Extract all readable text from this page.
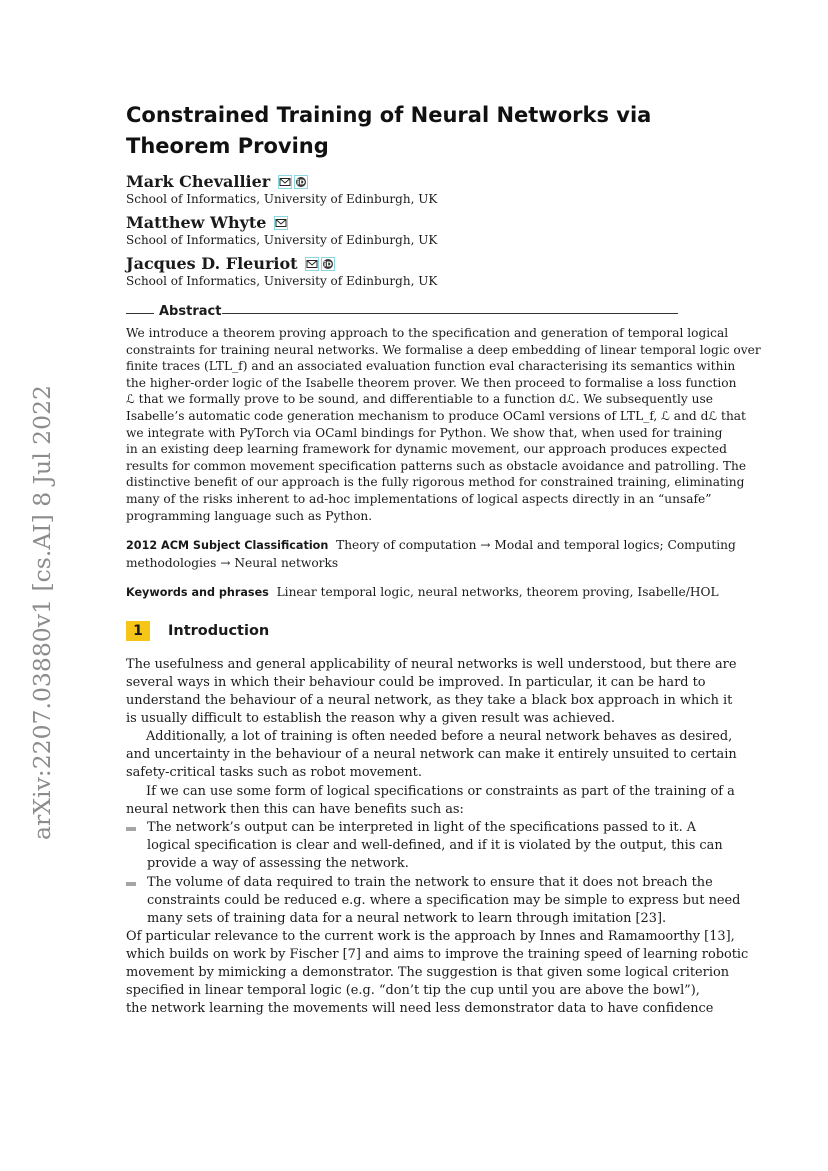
arXiv:2207.03880v1 [cs.AI] 8 Jul 2022
Constrained Training of Neural Networks via
Theorem Proving
Mark Chevallier	iD
School of Informatics, University of Edinburgh, UK
Matthew Whyte
School of Informatics, University of Edinburgh, UK
Jacques D. Fleuriot	iD
School of Informatics, University of Edinburgh, UK
Abstract
We introduce a theorem proving approach to the specification and generation of temporal logical
constraints for training neural networks. We formalise a deep embedding of linear temporal logic over
finite traces (LTL_f) and an associated evaluation function eval characterising its semantics within
the higher-order logic of the Isabelle theorem prover. We then proceed to formalise a loss function
ℒ that we formally prove to be sound, and differentiable to a function dℒ. We subsequently use
Isabelle’s automatic code generation mechanism to produce OCaml versions of LTL_f, ℒ and dℒ that
we integrate with PyTorch via OCaml bindings for Python. We show that, when used for training
in an existing deep learning framework for dynamic movement, our approach produces expected
results for common movement specification patterns such as obstacle avoidance and patrolling. The
distinctive benefit of our approach is the fully rigorous method for constrained training, eliminating
many of the risks inherent to ad-hoc implementations of logical aspects directly in an “unsafe”
programming language such as Python.
2012 ACM Subject Classification Theory of computation → Modal and temporal logics; Computing
methodologies → Neural networks
Keywords and phrases Linear temporal logic, neural networks, theorem proving, Isabelle/HOL
1	Introduction
The usefulness and general applicability of neural networks is well understood, but there are
several ways in which their behaviour could be improved. In particular, it can be hard to
understand the behaviour of a neural network, as they take a black box approach in which it
is usually difficult to establish the reason why a given result was achieved.
Additionally, a lot of training is often needed before a neural network behaves as desired,
and uncertainty in the behaviour of a neural network can make it entirely unsuited to certain
safety-critical tasks such as robot movement.
If we can use some form of logical specifications or constraints as part of the training of a
neural network then this can have benefits such as:
The network’s output can be interpreted in light of the specifications passed to it. A
logical specification is clear and well-defined, and if it is violated by the output, this can
provide a way of assessing the network.
The volume of data required to train the network to ensure that it does not breach the
constraints could be reduced e.g. where a specification may be simple to express but need
many sets of training data for a neural network to learn through imitation [23].
Of particular relevance to the current work is the approach by Innes and Ramamoorthy [13],
which builds on work by Fischer [7] and aims to improve the training speed of learning robotic
movement by mimicking a demonstrator. The suggestion is that given some logical criterion
specified in linear temporal logic (e.g. “don’t tip the cup until you are above the bowl”),
the network learning the movements will need less demonstrator data to have confidence
